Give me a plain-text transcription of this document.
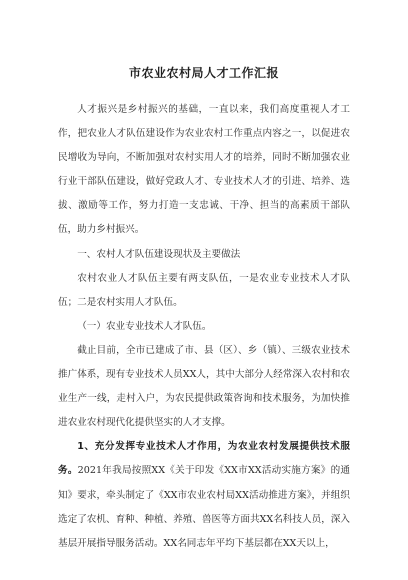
市农业农村局人才工作汇报

人才振兴是乡村振兴的基础，一直以来，我们高度重视人才工作，把农业人才队伍建设作为农业农村工作重点内容之一，以促进农民增收为导向，不断加强对农村实用人才的培养，同时不断加强农业行业干部队伍建设，做好党政人才、专业技术人才的引进、培养、选拔、激励等工作，努力打造一支忠诚、干净、担当的高素质干部队伍，助力乡村振兴。

一、农村人才队伍建设现状及主要做法

农村农业人才队伍主要有两支队伍，一是农业专业技术人才队伍；二是农村实用人才队伍。

（一）农业专业技术人才队伍。

截止目前，全市已建成了市、县（区）、乡（镇）、三级农业技术推广体系，现有专业技术人员XX人，其中大部分人经常深入农村和农业生产一线，走村入户，为农民提供政策咨询和技术服务，为加快推进农业农村现代化提供坚实的人才支撑。

1、充分发挥专业技术人才作用，为农业农村发展提供技术服务。2021年我局按照XX《关于印发《XX市XX活动实施方案》的通知》要求，牵头制定了《XX市农业农村局XX活动推进方案》，并组织选定了农机、育种、种植、养殖、兽医等方面共XX名科技人员，深入基层开展指导服务活动。XX名同志年平均下基层都在XX天以上，
